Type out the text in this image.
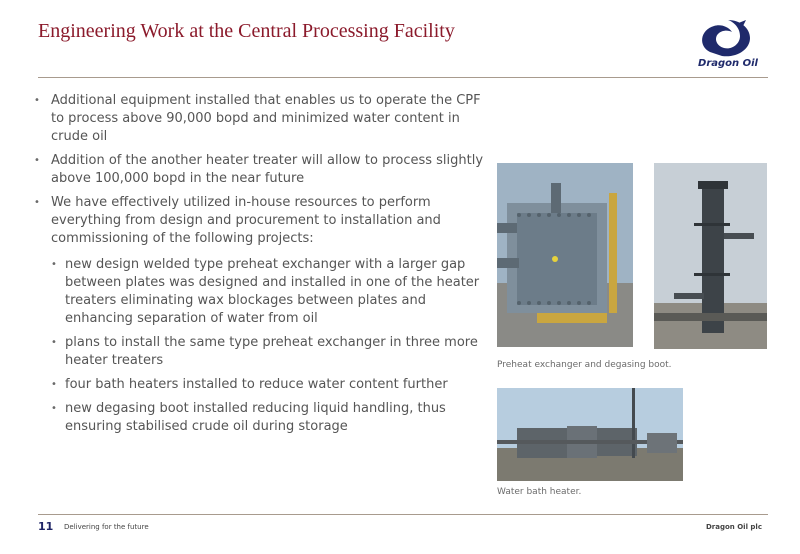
Engineering Work at the Central Processing Facility
Dragon Oil
• Additional equipment installed that enables us to operate the CPF to process above 90,000 bopd and minimized water content in crude oil
• Addition of the another heater treater will allow to process slightly above 100,000 bopd in the near future
• We have effectively utilized in-house resources to perform everything from design and procurement to installation and commissioning of the following projects:
• new design welded type preheat exchanger with a larger gap between plates was designed and installed in one of the heater treaters eliminating wax blockages between plates and enhancing separation of water from oil
• plans to install the same type preheat exchanger in three more heater treaters
• four bath heaters installed to reduce water content further
• new degasing boot installed reducing liquid handling, thus ensuring stabilised crude oil during storage
Preheat exchanger and degasing boot.
Water bath heater.
11 Delivering for the future	Dragon Oil plc
